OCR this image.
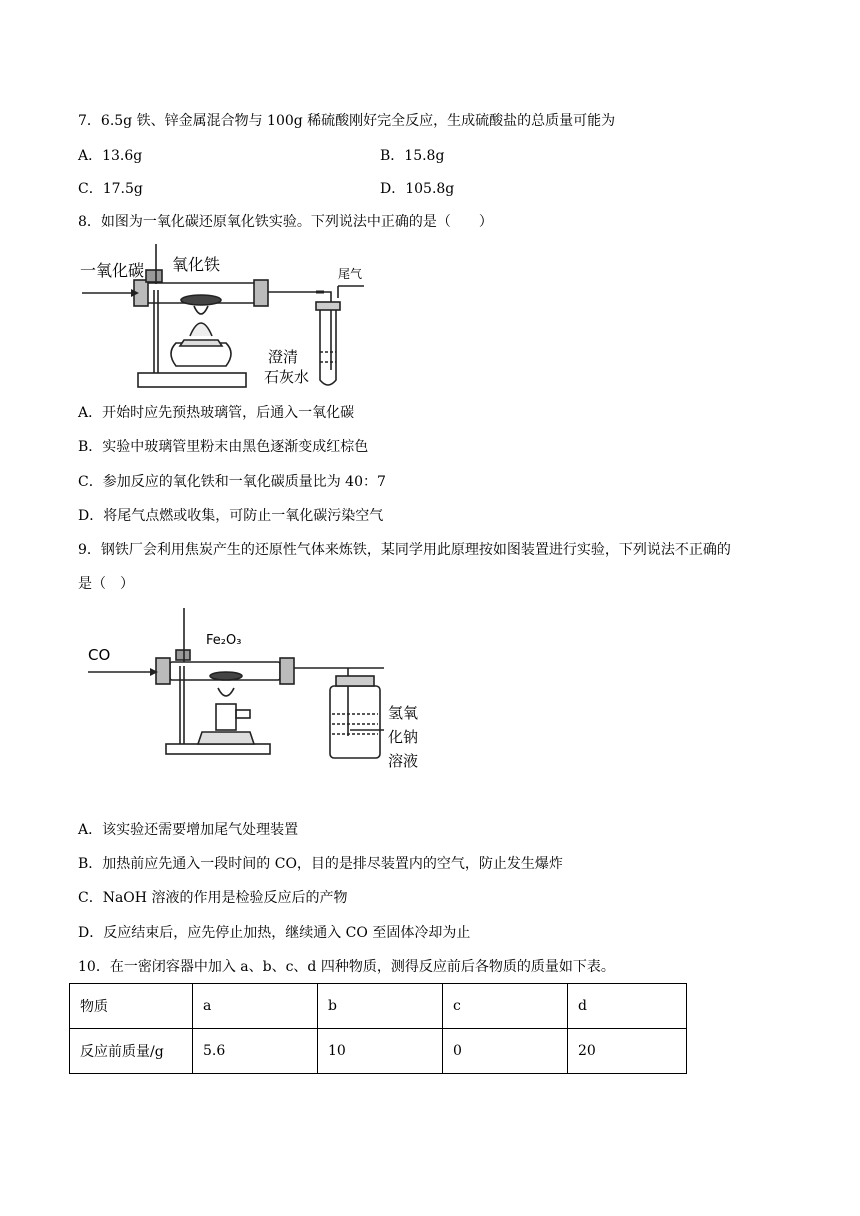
7．6.5g 铁、锌金属混合物与 100g 稀硫酸刚好完全反应，生成硫酸盐的总质量可能为
A．13.6g	B．15.8g
C．17.5g	D．105.8g
8．如图为一氧化碳还原氧化铁实验。下列说法中正确的是（　　）
一氧化碳 氧化铁	尾气
澄清
石灰水
A．开始时应先预热玻璃管，后通入一氧化碳
B．实验中玻璃管里粉末由黑色逐渐变成红棕色
C．参加反应的氧化铁和一氧化碳质量比为 40：7
D．将尾气点燃或收集，可防止一氧化碳污染空气
9．钢铁厂会利用焦炭产生的还原性气体来炼铁，某同学用此原理按如图装置进行实验，下列说法不正确的
是（　）
CO
Fe₂O₃
氢氧
化钠
溶液
A．该实验还需要增加尾气处理装置
B．加热前应先通入一段时间的 CO，目的是排尽装置内的空气，防止发生爆炸
C．NaOH 溶液的作用是检验反应后的产物
D．反应结束后，应先停止加热，继续通入 CO 至固体冷却为止
10．在一密闭容器中加入 a、b、c、d 四种物质，测得反应前后各物质的质量如下表。
物质	a	b	c	d
反应前质量/g	5.6	10	0	20
